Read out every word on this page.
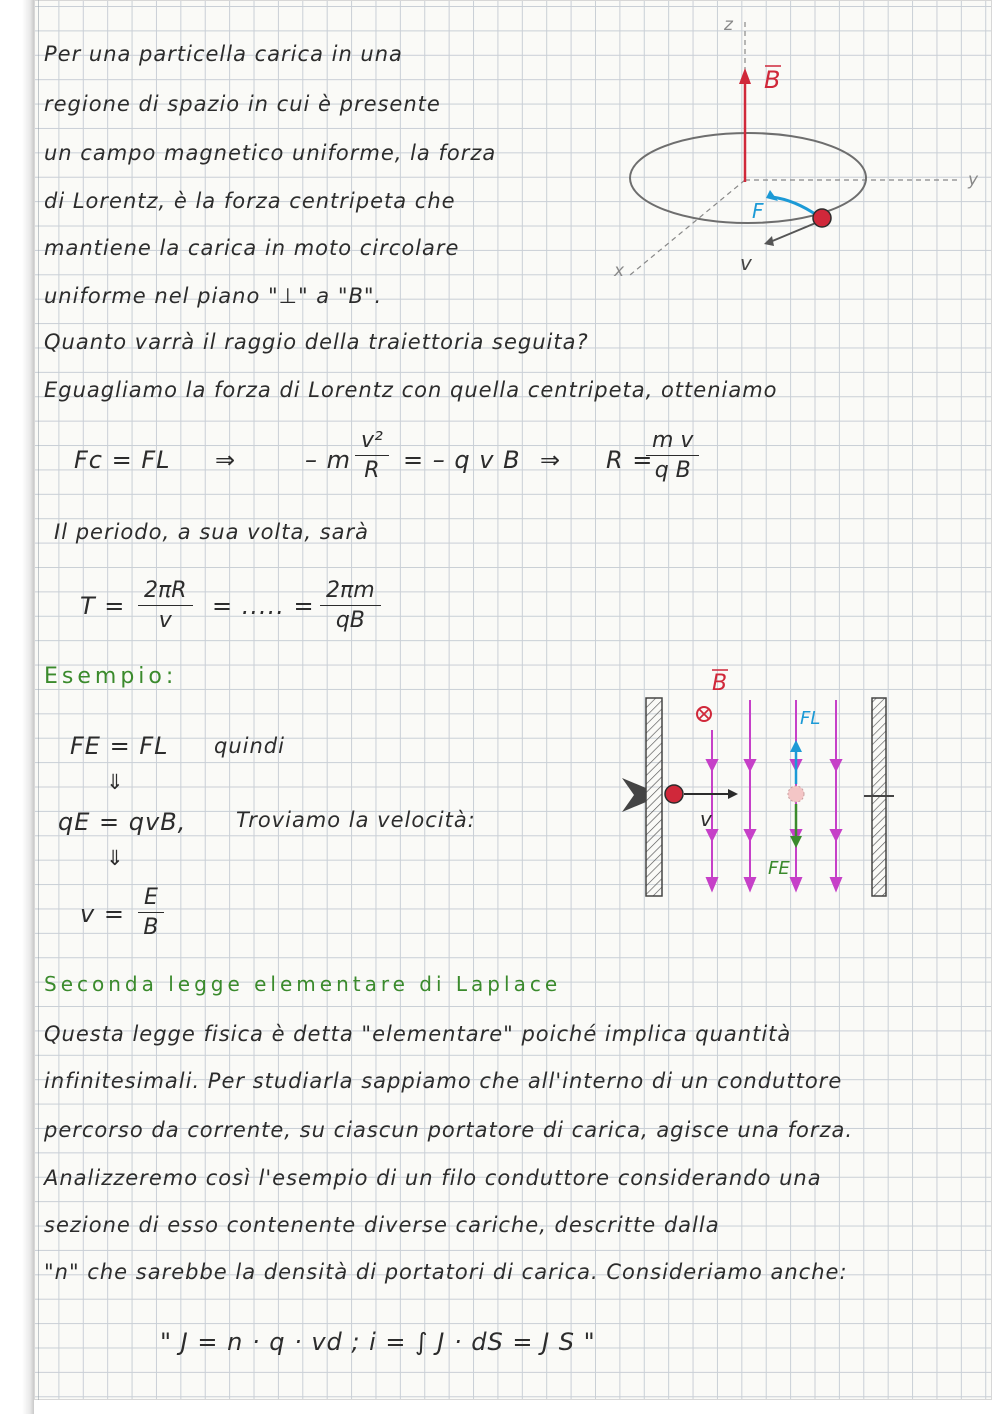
Per una particella carica in una

regione di spazio in cui è presente

un campo magnetico uniforme, la forza

di Lorentz, è la forza centripeta che

mantiene la carica in moto circolare

uniforme nel piano "⊥" a "B".

Quanto varrà il raggio della traiettoria seguita?

Eguagliamo la forza di Lorentz con quella centripeta, otteniamo

Fc = FL ⇒	– m $\frac{\text{v²}}{R}$ = – q v B ⇒ R =

$\frac{\text{m v}}{\text{q B}}$

Il periodo, a sua volta, sarà

$T = \frac{2\pi R}{v}$ = ..... = $\frac{2\pi m}{qB}$

Esempio:

FE = FL quindi

⇓

qE = qvB, Troviamo la velocità:

⇓

$v = \frac{E}{B}$

Seconda legge elementare di Laplace

Questa legge fisica è detta "elementare" poiché implica quantità

infinitesimali. Per studiarla sappiamo che all'interno di un conduttore

percorso da corrente, su ciascun portatore di carica, agisce una forza.

Analizzeremo così l'esempio di un filo conduttore considerando una

sezione di esso contenente diverse cariche, descritte dalla

"n" che sarebbe la densità di portatori di carica. Consideriamo anche:

" J = n · q · vd ; i = ∫ J · dS = J S "

z
y
x
B
F
v
B
v
FL
FE
